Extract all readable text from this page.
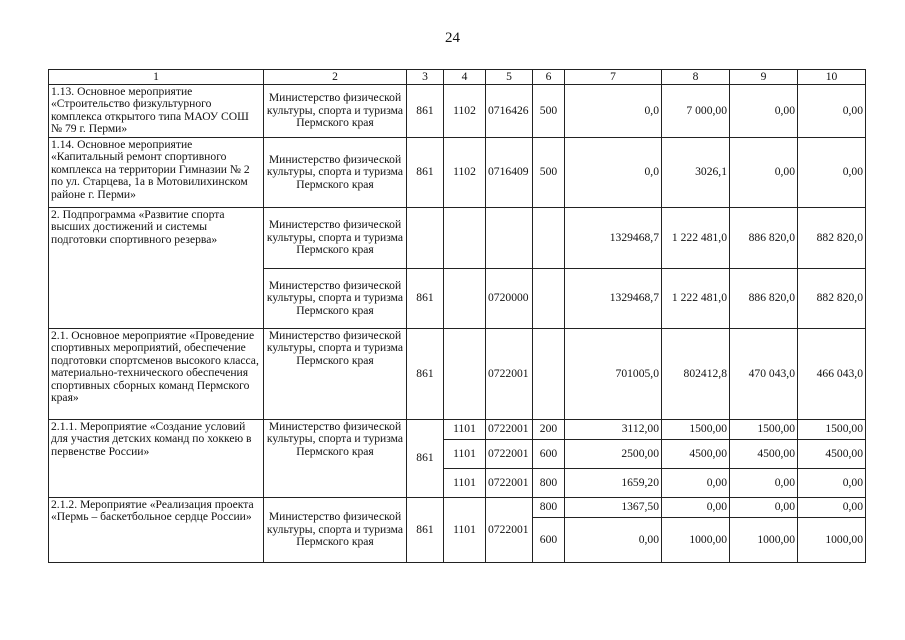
24
1	2	3	4	5	6	7	8	9	10
1.13. Основное мероприятие «Строительство физкультурного комплекса открытого типа МАОУ СОШ № 79 г. Перми»	Министерство физической культуры, спорта и туризма Пермского края	861	1102	0716426	500	0,0	7 000,00	0,00	0,00
1.14. Основное мероприятие «Капитальный ремонт спортивного комплекса на территории Гимназии № 2 по ул. Старцева, 1а в Мотовилихинском районе г. Перми»	Министерство физической культуры, спорта и туризма Пермского края	861	1102	0716409	500	0,0	3026,1	0,00	0,00
2. Подпрограмма «Развитие спорта высших достижений и системы подготовки спортивного резерва»	Министерство физической культуры, спорта и туризма Пермского края					1329468,7	1 222 481,0	886 820,0	882 820,0
	Министерство физической культуры, спорта и туризма Пермского края	861		0720000		1329468,7	1 222 481,0	886 820,0	882 820,0
2.1. Основное мероприятие «Проведение спортивных мероприятий, обеспечение подготовки спортсменов высокого класса, материально-технического обеспечения спортивных сборных команд Пермского края»	Министерство физической культуры, спорта и туризма Пермского края	861		0722001		701005,0	802412,8	470 043,0	466 043,0
2.1.1. Мероприятие «Создание условий для участия детских команд по хоккею в первенстве России»	Министерство физической культуры, спорта и туризма Пермского края	861	1101	0722001	200	3112,00	1500,00	1500,00	1500,00
			1101	0722001	600	2500,00	4500,00	4500,00	4500,00
			1101	0722001	800	1659,20	0,00	0,00	0,00
2.1.2. Мероприятие «Реализация проекта «Пермь – баскетбольное сердце России»	Министерство физической культуры, спорта и туризма Пермского края	861	1101	0722001	800	1367,50	0,00	0,00	0,00
					600	0,00	1000,00	1000,00	1000,00
